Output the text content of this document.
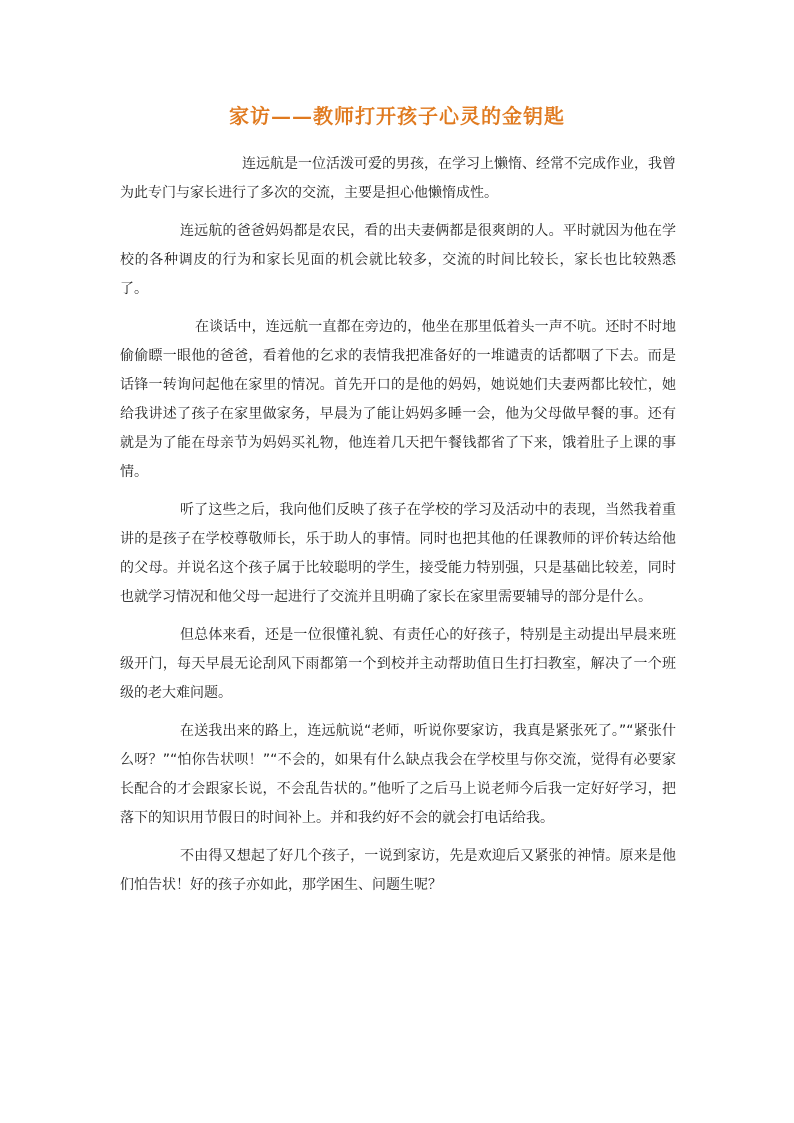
家访——教师打开孩子心灵的金钥匙

连远航是一位活泼可爱的男孩，在学习上懒惰、经常不完成作业，我曾为此专门与家长进行了多次的交流，主要是担心他懒惰成性。

连远航的爸爸妈妈都是农民，看的出夫妻俩都是很爽朗的人。平时就因为他在学校的各种调皮的行为和家长见面的机会就比较多，交流的时间比较长，家长也比较熟悉了。

在谈话中，连远航一直都在旁边的，他坐在那里低着头一声不吭。还时不时地偷偷瞟一眼他的爸爸，看着他的乞求的表情我把准备好的一堆谴责的话都咽了下去。而是话锋一转询问起他在家里的情况。首先开口的是他的妈妈，她说她们夫妻两都比较忙，她给我讲述了孩子在家里做家务，早晨为了能让妈妈多睡一会，他为父母做早餐的事。还有就是为了能在母亲节为妈妈买礼物，他连着几天把午餐钱都省了下来，饿着肚子上课的事情。

听了这些之后，我向他们反映了孩子在学校的学习及活动中的表现，当然我着重讲的是孩子在学校尊敬师长，乐于助人的事情。同时也把其他的任课教师的评价转达给他的父母。并说名这个孩子属于比较聪明的学生，接受能力特别强，只是基础比较差，同时也就学习情况和他父母一起进行了交流并且明确了家长在家里需要辅导的部分是什么。

但总体来看，还是一位很懂礼貌、有责任心的好孩子，特别是主动提出早晨来班级开门，每天早晨无论刮风下雨都第一个到校并主动帮助值日生打扫教室，解决了一个班级的老大难问题。

在送我出来的路上，连远航说“老师，听说你要家访，我真是紧张死了。”“紧张什么呀？”“怕你告状呗！”“不会的，如果有什么缺点我会在学校里与你交流，觉得有必要家长配合的才会跟家长说，不会乱告状的。”他听了之后马上说老师今后我一定好好学习，把落下的知识用节假日的时间补上。并和我约好不会的就会打电话给我。

不由得又想起了好几个孩子，一说到家访，先是欢迎后又紧张的神情。原来是他们怕告状！好的孩子亦如此，那学困生、问题生呢？
